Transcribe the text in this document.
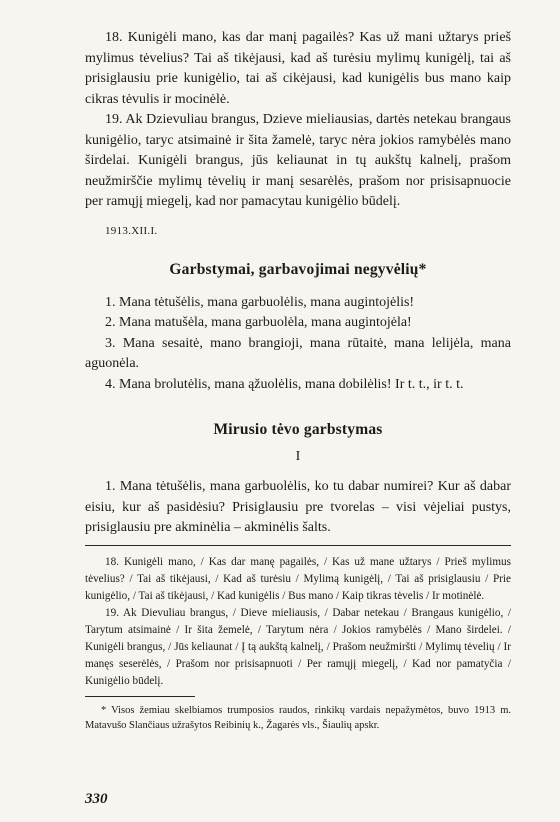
18. Kunigėli mano, kas dar manį pagailės? Kas už mani užtarys prieš mylimus tėvelius? Tai aš tikėjausi, kad aš turėsiu mylimų kunigėlį, tai aš prisiglausiu prie kunigėlio, tai aš cikėjausi, kad kunigėlis bus mano kaip cikras tėvulis ir mocinėlė.

19. Ak Dzievuliau brangus, Dzieve mieliausias, dartės netekau brangaus kunigėlio, taryc atsimainė ir šita žamelė, taryc nėra jokios ramybėlės mano širdelai. Kunigėli brangus, jūs keliaunat in tų aukštų kalnelį, prašom neužmirščie mylimų tėvelių ir manį sesarėlės, prašom nor prisisapnuocie per ramųjį miegelį, kad nor pamacytau kunigėlio būdelį.

1913.XII.I.

Garbstymai, garbavojimai negyvėlių*

1. Mana tėtušėlis, mana garbuolėlis, mana augintojėlis!

2. Mana matušėla, mana garbuolėla, mana augintojėla!

3. Mana sesaitė, mano brangioji, mana rūtaitė, mana lelijėla, mana aguonėla.

4. Mana brolutėlis, mana ąžuolėlis, mana dobilėlis! Ir t. t., ir t. t.

Mirusio tėvo garbstymas
I

1. Mana tėtušėlis, mana garbuolėlis, ko tu dabar numirei? Kur aš dabar eisiu, kur aš pasidėsiu? Prisiglausiu pre tvorelas – visi vėjeliai pustys, prisiglausiu pre akminėlia – akminėlis šalts.

18. Kunigėli mano, / Kas dar manę pagailės, / Kas už mane užtarys / Prieš mylimus tėvelius? / Tai aš tikėjausi, / Kad aš turėsiu / Mylimą kunigėlį, / Tai aš prisiglausiu / Prie kunigėlio, / Tai aš tikėjausi, / Kad kunigėlis / Bus mano / Kaip tikras tėvelis / Ir motinėlė.

19. Ak Dievuliau brangus, / Dieve mieliausis, / Dabar netekau / Brangaus kunigėlio, / Tarytum atsimainė / Ir šita žemelė, / Tarytum nėra / Jokios ramybėlės / Mano širdelei. / Kunigėli brangus, / Jūs keliaunat / Į tą aukštą kalnelį, / Prašom neužmiršti / Mylimų tėvelių / Ir manęs seserėlės, / Prašom nor prisisapnuoti / Per ramųjį miegelį, / Kad nor pamatyčia / Kunigėlio būdelį.

* Visos žemiau skelbiamos trumposios raudos, rinkikų vardais nepažymėtos, buvo 1913 m. Matavušo Slančiaus užrašytos Reibinių k., Žagarės vls., Šiaulių apskr.

330
